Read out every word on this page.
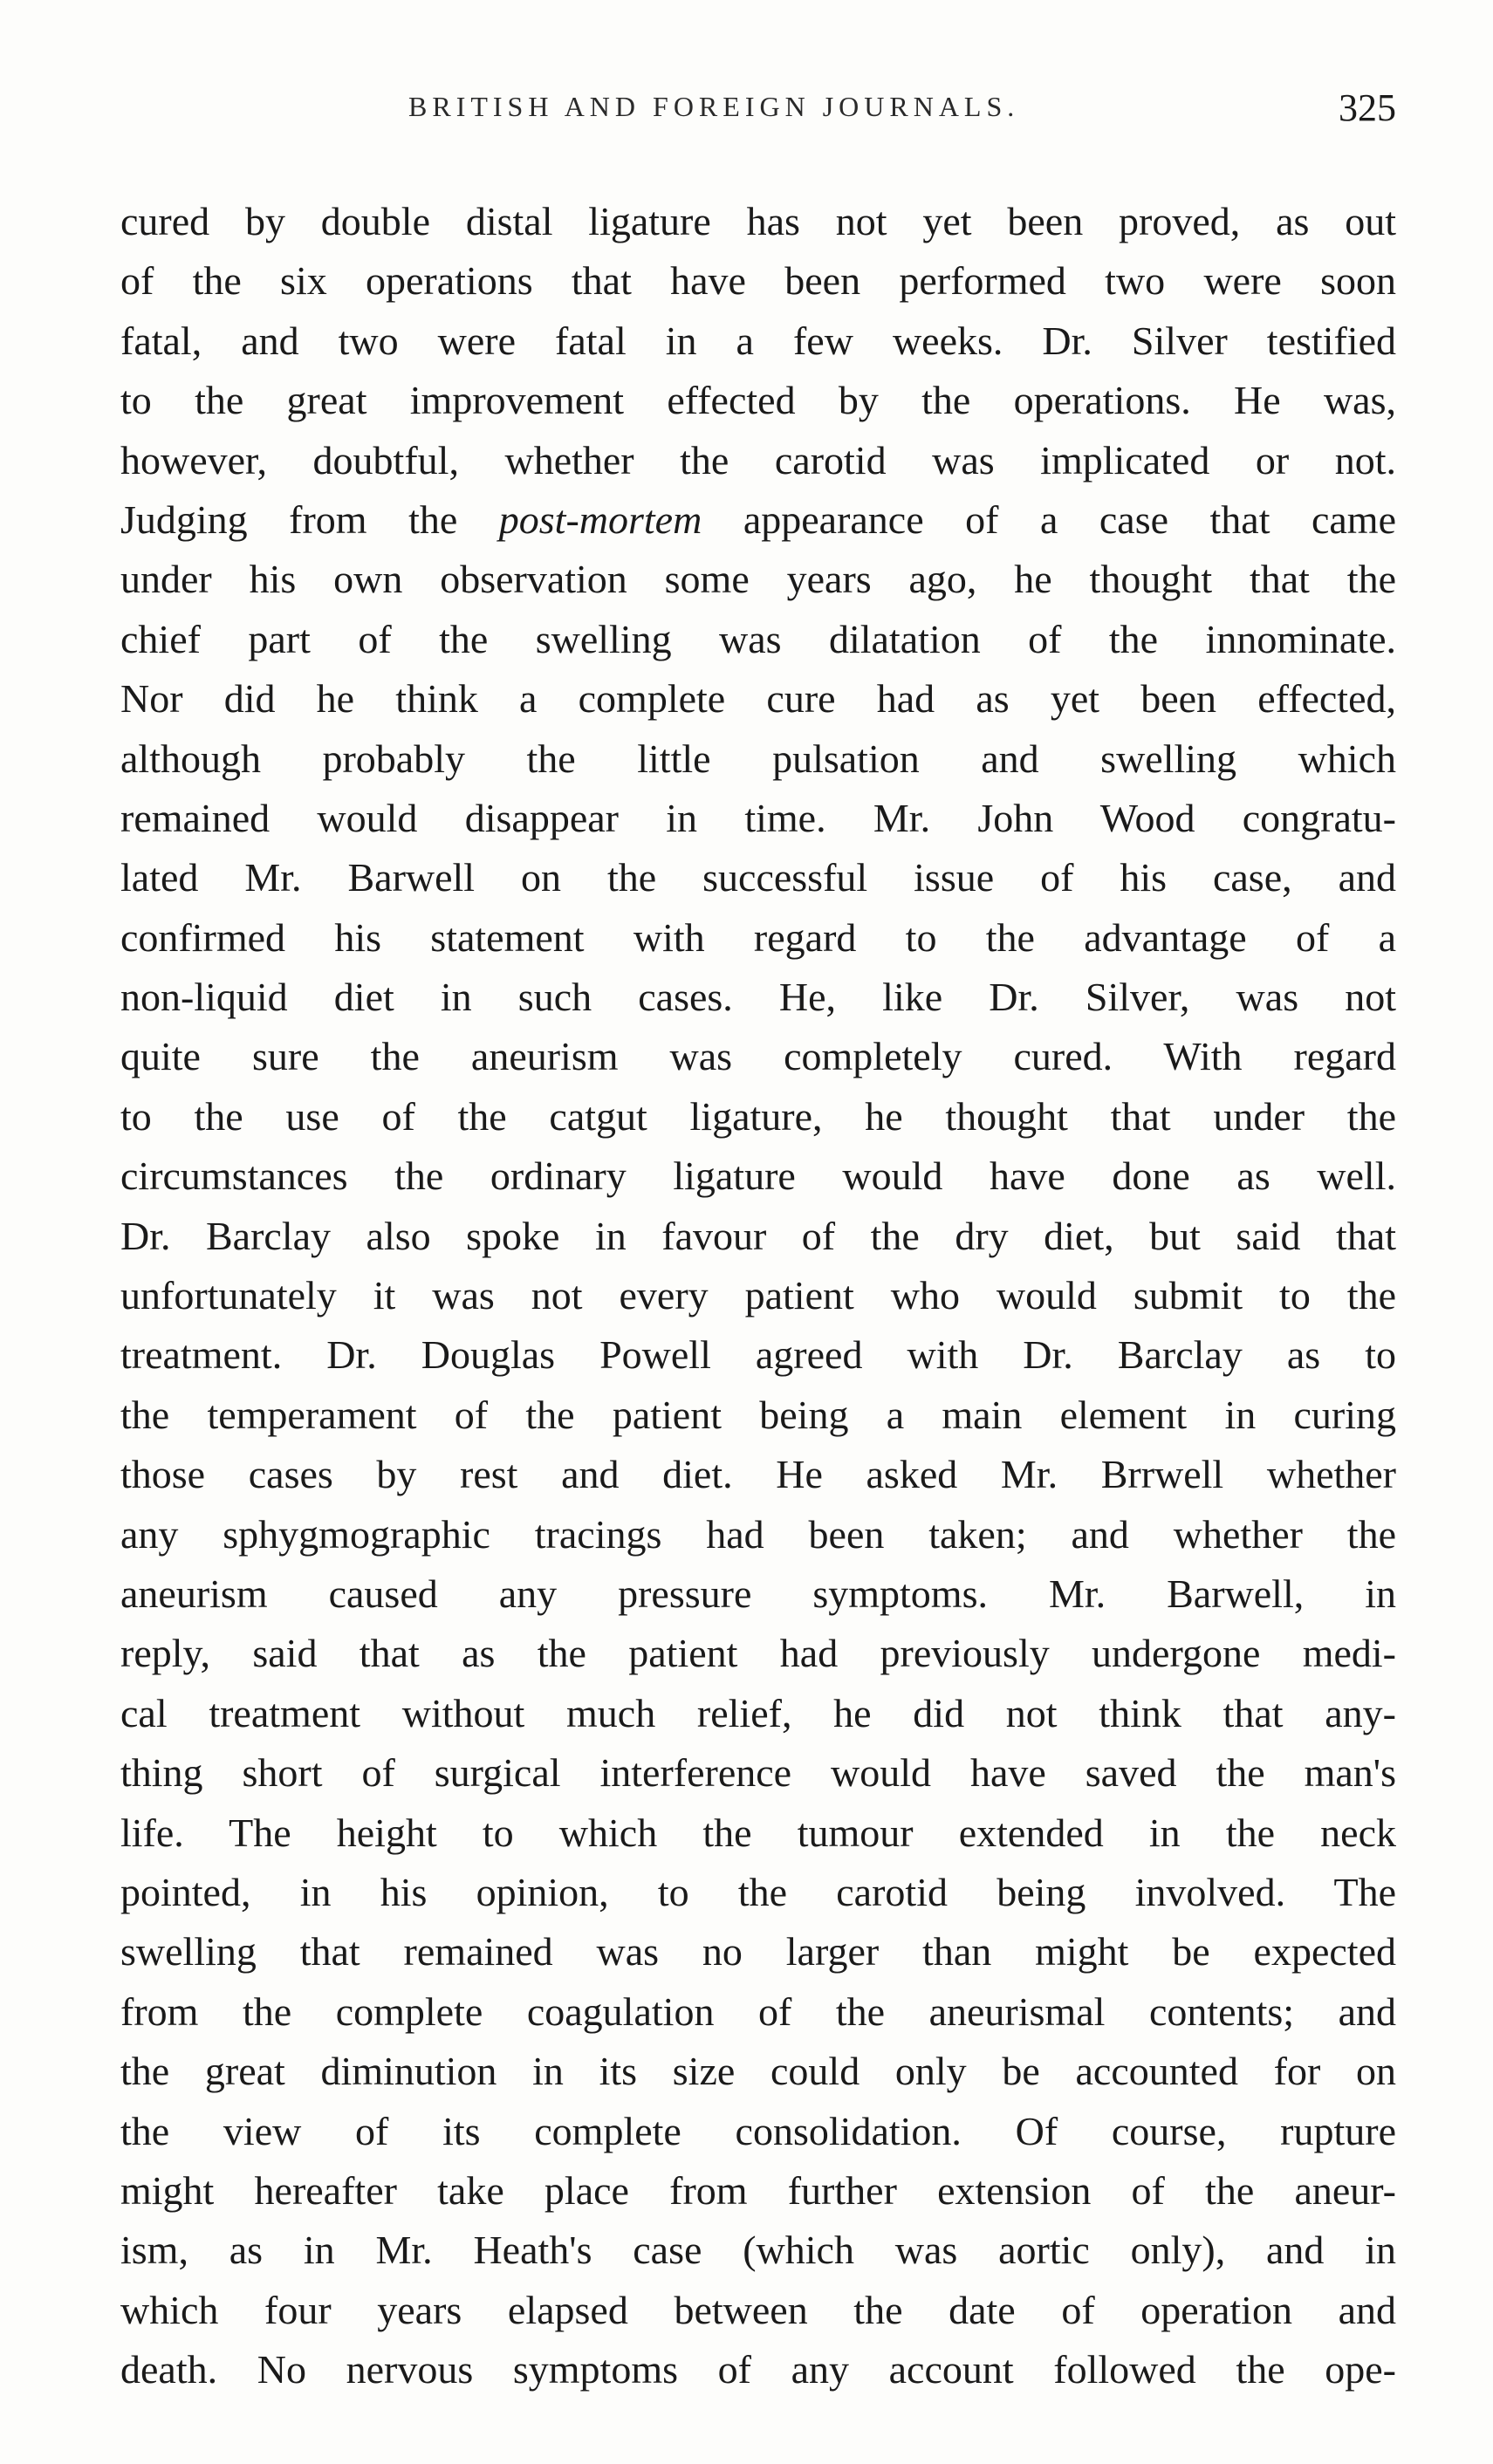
BRITISH AND FOREIGN JOURNALS.	325
cured by double distal ligature has not yet been proved, as out
of the six operations that have been performed two were soon
fatal, and two were fatal in a few weeks. Dr. Silver testified
to the great improvement effected by the operations. He was,
however, doubtful, whether the carotid was implicated or not.
Judging from the post-mortem appearance of a case that came
under his own observation some years ago, he thought that the
chief part of the swelling was dilatation of the innominate.
Nor did he think a complete cure had as yet been effected,
although probably the little pulsation and swelling which
remained would disappear in time. Mr. John Wood congratu-
lated Mr. Barwell on the successful issue of his case, and
confirmed his statement with regard to the advantage of a
non-liquid diet in such cases. He, like Dr. Silver, was not
quite sure the aneurism was completely cured. With regard
to the use of the catgut ligature, he thought that under the
circumstances the ordinary ligature would have done as well.
Dr. Barclay also spoke in favour of the dry diet, but said that
unfortunately it was not every patient who would submit to the
treatment. Dr. Douglas Powell agreed with Dr. Barclay as to
the temperament of the patient being a main element in curing
those cases by rest and diet. He asked Mr. Brrwell whether
any sphygmographic tracings had been taken; and whether the
aneurism caused any pressure symptoms. Mr. Barwell, in
reply, said that as the patient had previously undergone medi-
cal treatment without much relief, he did not think that any-
thing short of surgical interference would have saved the man's
life. The height to which the tumour extended in the neck
pointed, in his opinion, to the carotid being involved. The
swelling that remained was no larger than might be expected
from the complete coagulation of the aneurismal contents; and
the great diminution in its size could only be accounted for on
the view of its complete consolidation. Of course, rupture
might hereafter take place from further extension of the aneur-
ism, as in Mr. Heath's case (which was aortic only), and in
which four years elapsed between the date of operation and
death. No nervous symptoms of any account followed the ope-
